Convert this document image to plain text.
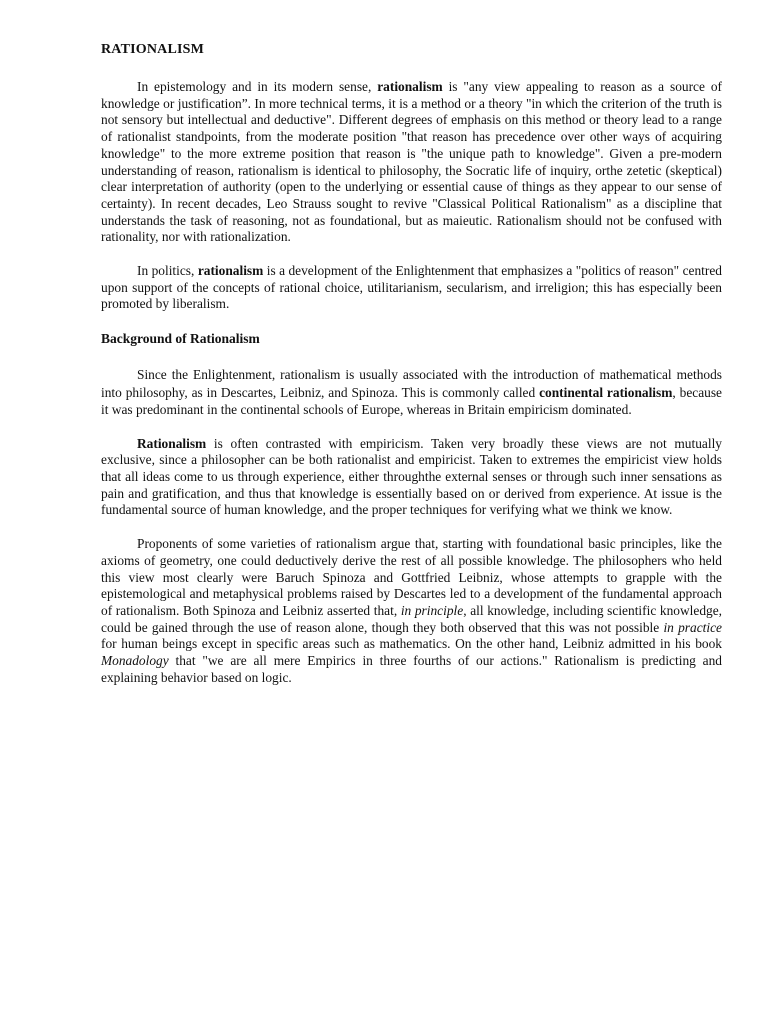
RATIONALISM

In epistemology and in its modern sense, rationalism is "any view appealing to reason as a source of knowledge or justification”. In more technical terms, it is a method or a theory "in which the criterion of the truth is not sensory but intellectual and deductive". Different degrees of emphasis on this method or theory lead to a range of rationalist standpoints, from the moderate position "that reason has precedence over other ways of acquiring knowledge" to the more extreme position that reason is "the unique path to knowledge". Given a pre-modern understanding of reason, rationalism is identical to philosophy, the Socratic life of inquiry, orthe zetetic (skeptical) clear interpretation of authority (open to the underlying or essential cause of things as they appear to our sense of certainty). In recent decades, Leo Strauss sought to revive "Classical Political Rationalism" as a discipline that understands the task of reasoning, not as foundational, but as maieutic. Rationalism should not be confused with rationality, nor with rationalization.

In politics, rationalism is a development of the Enlightenment that emphasizes a "politics of reason" centred upon support of the concepts of rational choice, utilitarianism, secularism, and irreligion; this has especially been promoted by liberalism.

Background of Rationalism

Since the Enlightenment, rationalism is usually associated with the introduction of mathematical methods into philosophy, as in Descartes, Leibniz, and Spinoza. This is commonly called continental rationalism, because it was predominant in the continental schools of Europe, whereas in Britain empiricism dominated.

Rationalism is often contrasted with empiricism. Taken very broadly these views are not mutually exclusive, since a philosopher can be both rationalist and empiricist. Taken to extremes the empiricist view holds that all ideas come to us through experience, either throughthe external senses or through such inner sensations as pain and gratification, and thus that knowledge is essentially based on or derived from experience. At issue is the fundamental source of human knowledge, and the proper techniques for verifying what we think we know.

Proponents of some varieties of rationalism argue that, starting with foundational basic principles, like the axioms of geometry, one could deductively derive the rest of all possible knowledge. The philosophers who held this view most clearly were Baruch Spinoza and Gottfried Leibniz, whose attempts to grapple with the epistemological and metaphysical problems raised by Descartes led to a development of the fundamental approach of rationalism. Both Spinoza and Leibniz asserted that, in principle, all knowledge, including scientific knowledge, could be gained through the use of reason alone, though they both observed that this was not possible in practice for human beings except in specific areas such as mathematics. On the other hand, Leibniz admitted in his book Monadology that "we are all mere Empirics in three fourths of our actions." Rationalism is predicting and explaining behavior based on logic.
